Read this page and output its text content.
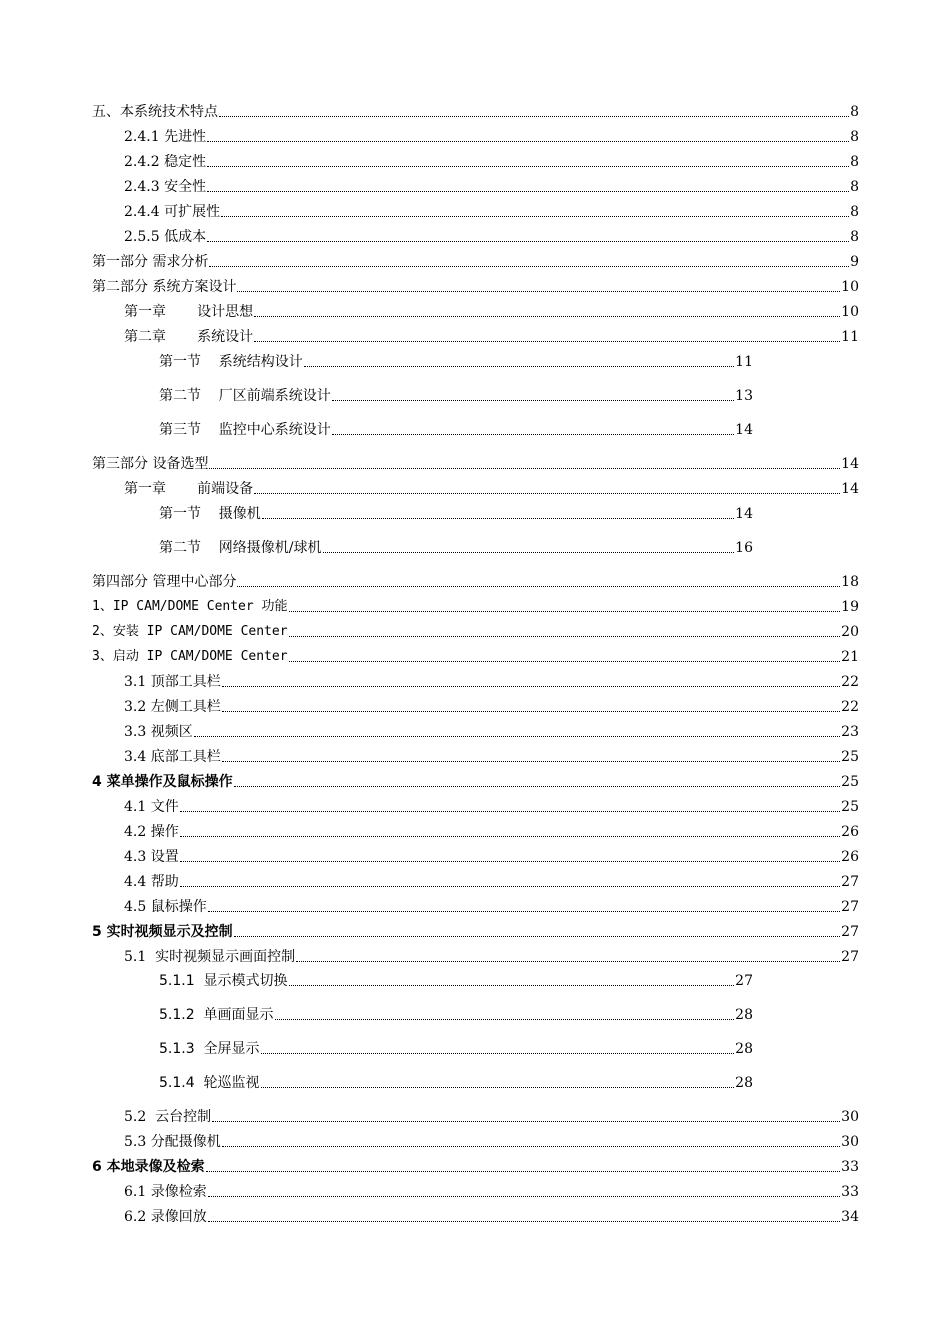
五、本系统技术特点	8
2.4.1 先进性	8
2.4.2 稳定性	8
2.4.3 安全性	8
2.4.4 可扩展性	8
2.5.5 低成本	8
第一部分 需求分析	9
第二部分 系统方案设计	10
第一章       设计思想	10
第二章       系统设计	11
第一节    系统结构设计	11
第二节    厂区前端系统设计	13
第三节    监控中心系统设计	14
第三部分 设备选型	14
第一章       前端设备	14
第一节    摄像机	14
第二节    网络摄像机/球机	16
第四部分 管理中心部分	18
1、IP CAM/DOME Center 功能	19
2、安装 IP CAM/DOME Center	20
3、启动 IP CAM/DOME Center	21
3.1 顶部工具栏	22
3.2 左侧工具栏	22
3.3 视频区	23
3.4 底部工具栏	25
4 菜单操作及鼠标操作	25
4.1 文件	25
4.2 操作	26
4.3 设置	26
4.4 帮助	27
4.5 鼠标操作	27
5 实时视频显示及控制	27
5.1  实时视频显示画面控制	27
5.1.1  显示模式切换	27
5.1.2  单画面显示	28
5.1.3  全屏显示	28
5.1.4  轮巡监视	28
5.2  云台控制	30
5.3 分配摄像机	30
6 本地录像及检索	33
6.1 录像检索	33
6.2 录像回放	34
